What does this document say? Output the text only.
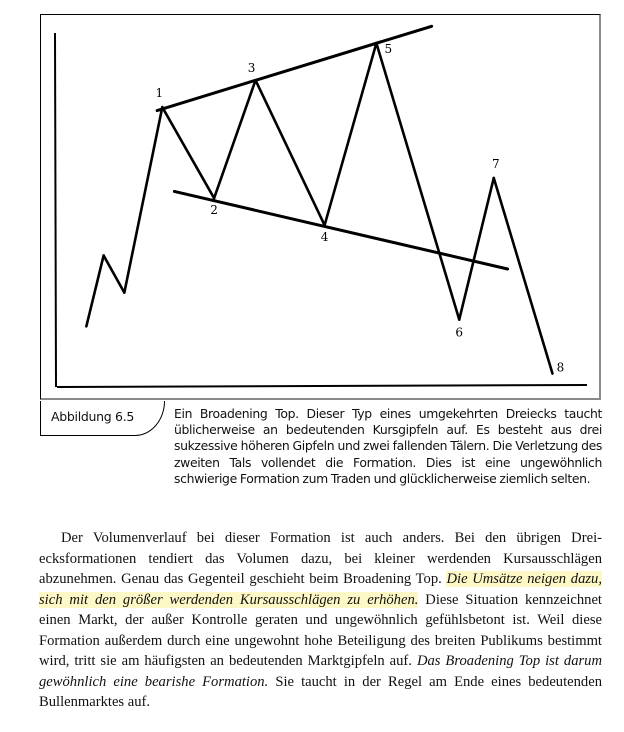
1
2
3
4
5
6
7
8
Abbildung 6.5	Ein Broadening Top. Dieser Typ eines umgekehrten Dreiecks taucht üblicherweise an bedeutenden Kursgipfeln auf. Es besteht aus drei sukzessive höheren Gipfeln und zwei fallenden Tälern. Die Verletzung des zweiten Tals vollendet die Formation. Dies ist eine ungewöhnlich schwierige Formation zum Traden und glücklicherweise ziemlich selten.

Der Volumenverlauf bei dieser Formation ist auch anders. Bei den übrigen Dreiecksformationen tendiert das Volumen dazu, bei kleiner werdenden Kursausschlägen abzunehmen. Genau das Gegenteil geschieht beim Broadening Top. Die Umsätze neigen dazu, sich mit den größer werdenden Kursausschlägen zu erhöhen. Diese Situation kennzeichnet einen Markt, der außer Kontrolle geraten und ungewöhnlich gefühlsbetont ist. Weil diese Formation außerdem durch eine ungewohnt hohe Beteiligung des breiten Publikums bestimmt wird, tritt sie am häufigsten an bedeutenden Marktgipfeln auf. Das Broadening Top ist darum gewöhnlich eine bearishe Formation. Sie taucht in der Regel am Ende eines bedeutenden Bullenmarktes auf.
